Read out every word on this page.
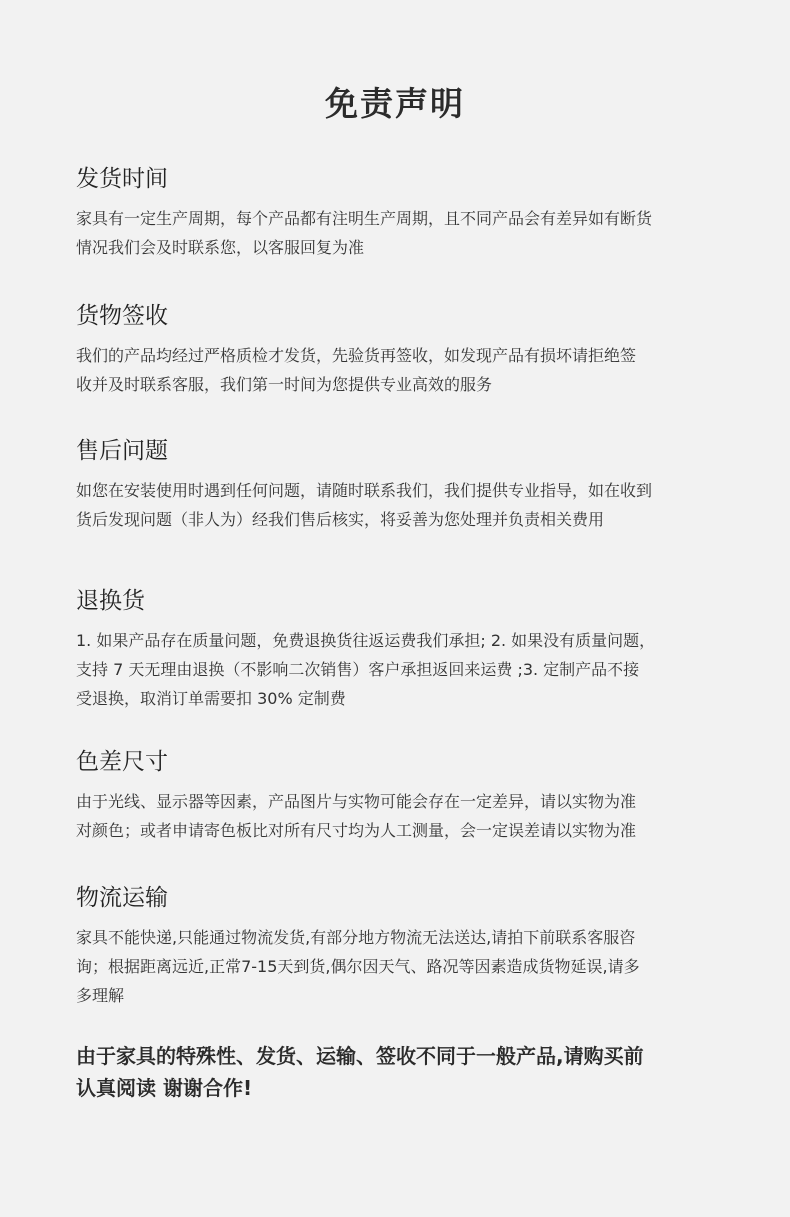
免责声明
发货时间
家具有一定生产周期，每个产品都有注明生产周期，且不同产品会有差异如有断货
情况我们会及时联系您，以客服回复为准
货物签收
我们的产品均经过严格质检才发货，先验货再签收，如发现产品有损坏请拒绝签
收并及时联系客服，我们第一时间为您提供专业高效的服务
售后问题
如您在安装使用时遇到任何问题，请随时联系我们，我们提供专业指导，如在收到
货后发现问题（非人为）经我们售后核实，将妥善为您处理并负责相关费用
退换货
1. 如果产品存在质量问题，免费退换货往返运费我们承担; 2. 如果没有质量问题，
支持 7 天无理由退换（不影响二次销售）客户承担返回来运费 ;3. 定制产品不接
受退换，取消订单需要扣 30% 定制费
色差尺寸
由于光线、显示器等因素，产品图片与实物可能会存在一定差异，请以实物为准
对颜色；或者申请寄色板比对所有尺寸均为人工测量，会一定误差请以实物为准
物流运输
家具不能快递,只能通过物流发货,有部分地方物流无法送达,请拍下前联系客服咨
询；根据距离远近,正常7-15天到货,偶尔因天气、路况等因素造成货物延误,请多
多理解
由于家具的特殊性、发货、运输、签收不同于一般产品,请购买前
认真阅读 谢谢合作!
